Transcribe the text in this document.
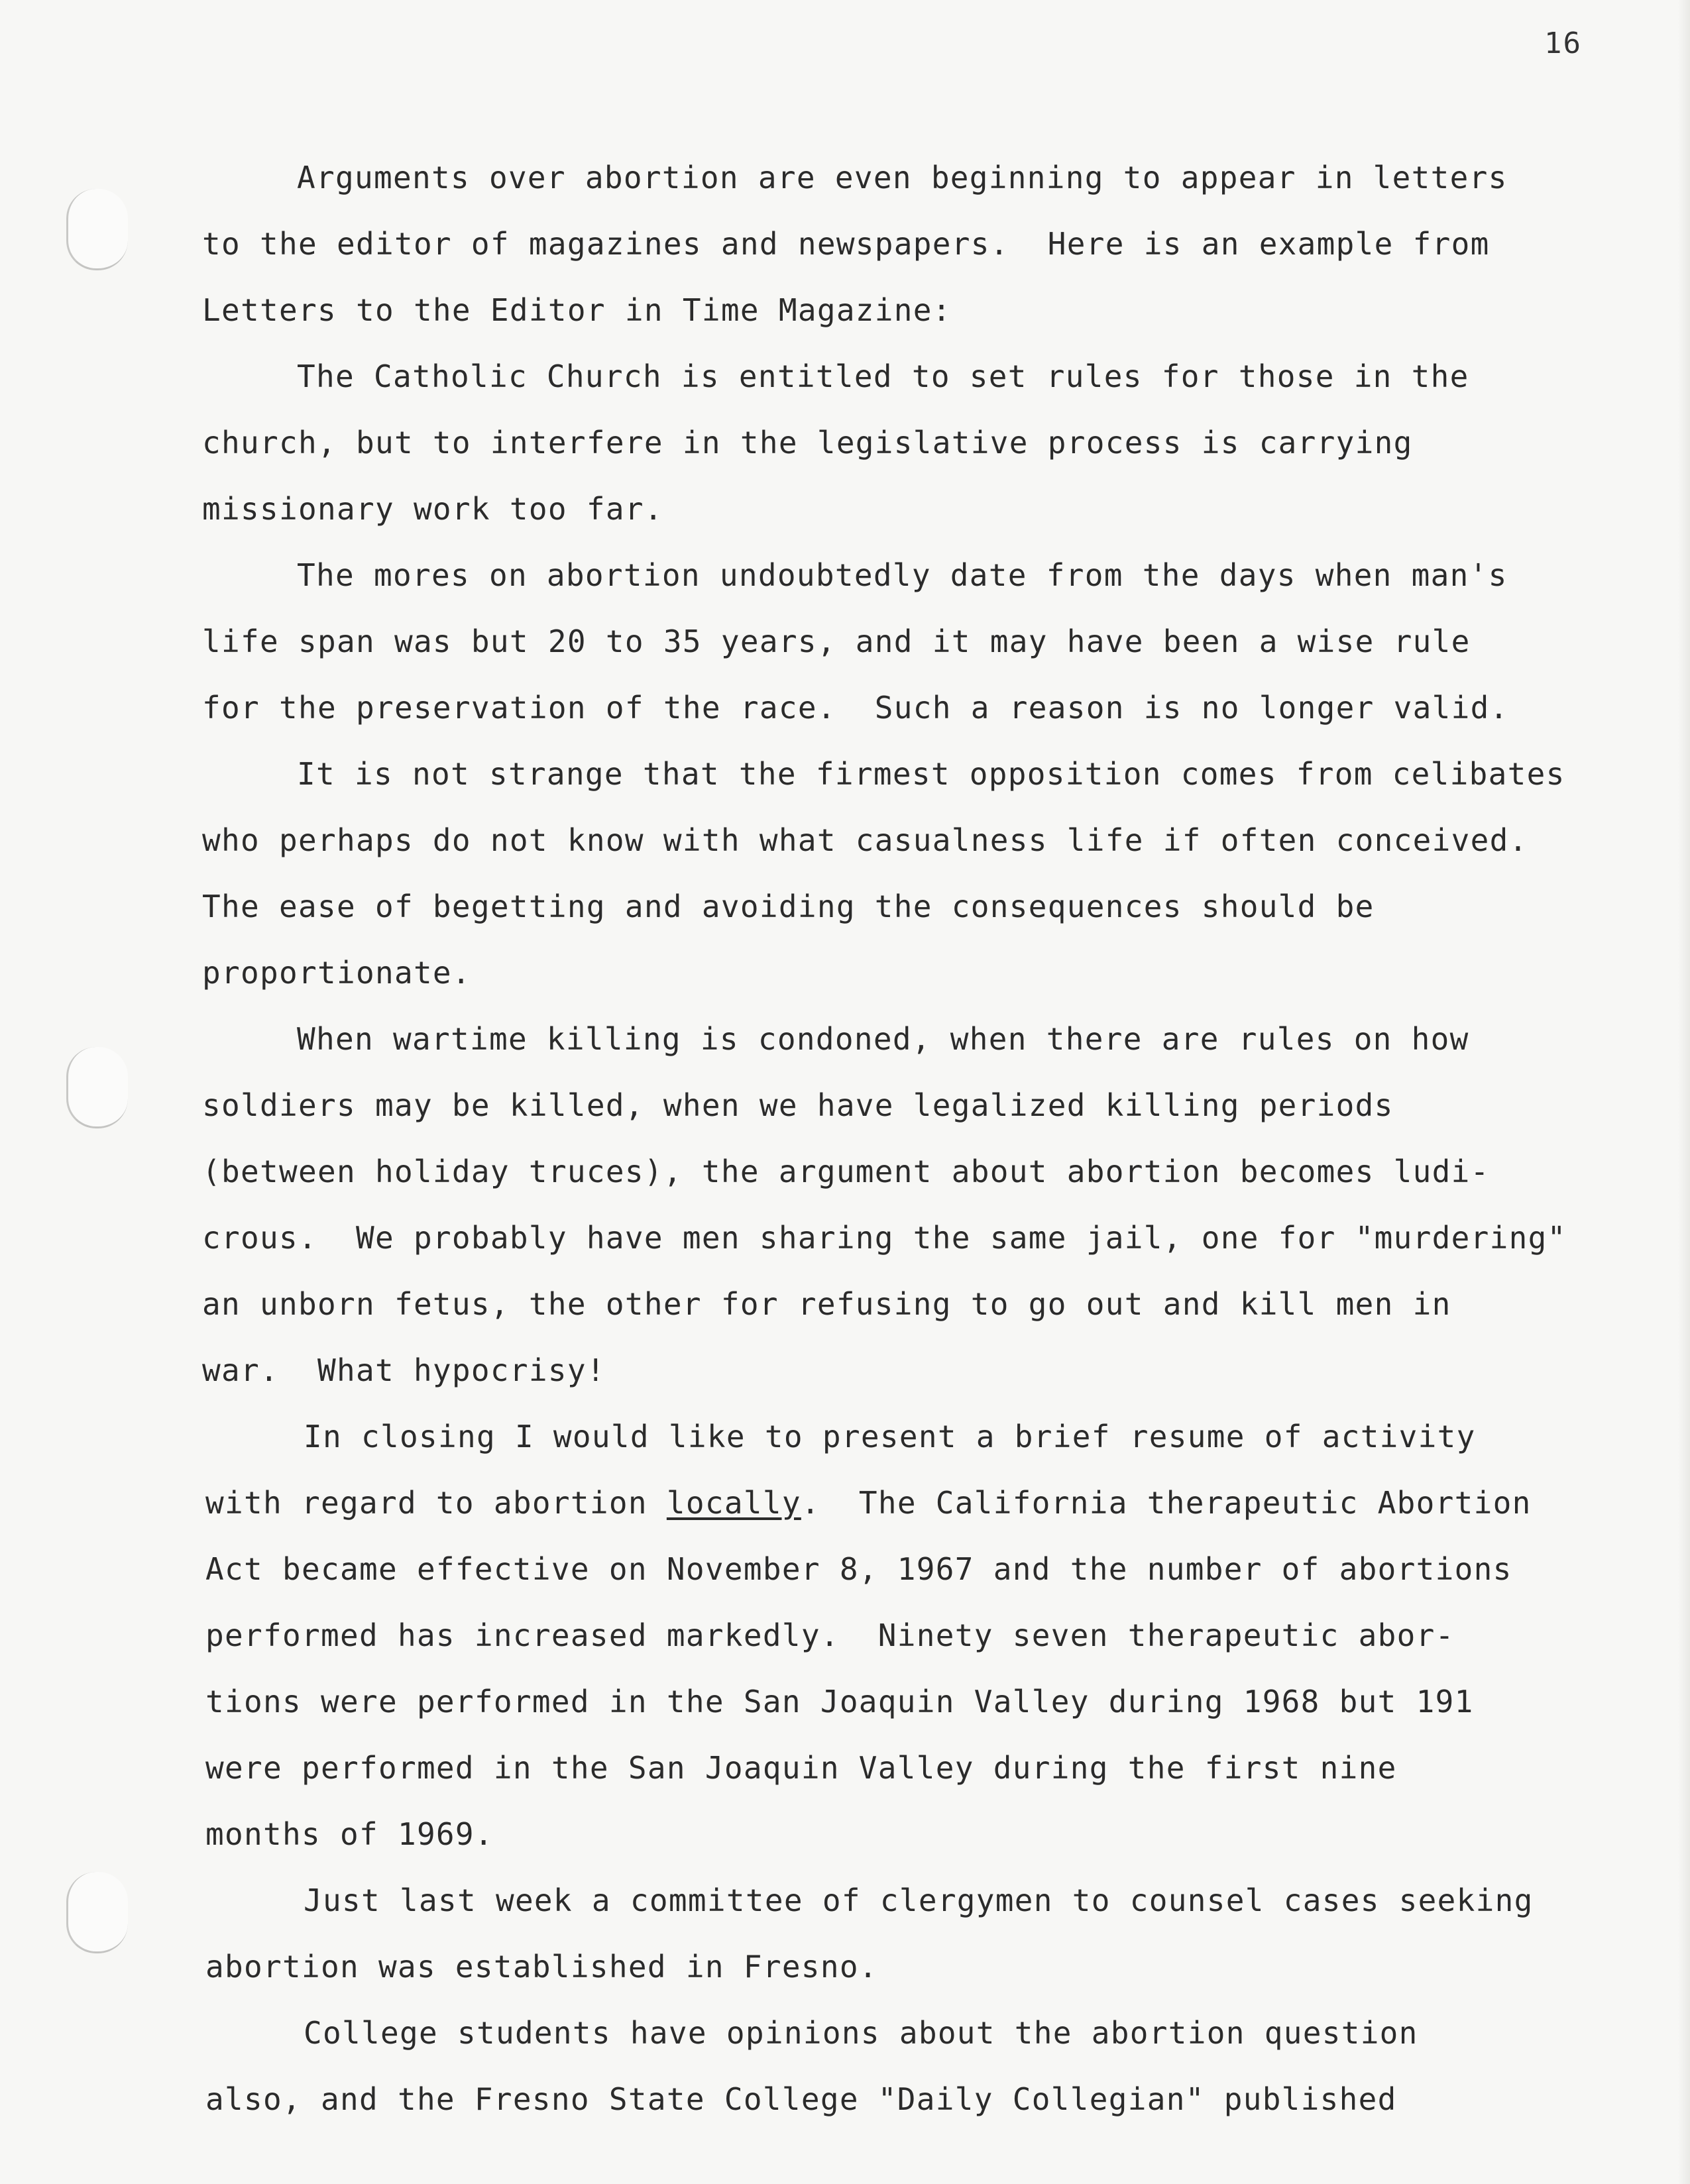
16
Arguments over abortion are even beginning to appear in letters
to the editor of magazines and newspapers.  Here is an example from
Letters to the Editor in Time Magazine:
The Catholic Church is entitled to set rules for those in the
church, but to interfere in the legislative process is carrying
missionary work too far.
The mores on abortion undoubtedly date from the days when man's
life span was but 20 to 35 years, and it may have been a wise rule
for the preservation of the race.  Such a reason is no longer valid.
It is not strange that the firmest opposition comes from celibates
who perhaps do not know with what casualness life if often conceived.
The ease of begetting and avoiding the consequences should be
proportionate.
When wartime killing is condoned, when there are rules on how
soldiers may be killed, when we have legalized killing periods
(between holiday truces), the argument about abortion becomes ludi-
crous.  We probably have men sharing the same jail, one for "murdering"
an unborn fetus, the other for refusing to go out and kill men in
war.  What hypocrisy!
In closing I would like to present a brief resume of activity
with regard to abortion locally.  The California therapeutic Abortion
Act became effective on November 8, 1967 and the number of abortions
performed has increased markedly.  Ninety seven therapeutic abor-
tions were performed in the San Joaquin Valley during 1968 but 191
were performed in the San Joaquin Valley during the first nine
months of 1969.
Just last week a committee of clergymen to counsel cases seeking
abortion was established in Fresno.
College students have opinions about the abortion question
also, and the Fresno State College "Daily Collegian" published
